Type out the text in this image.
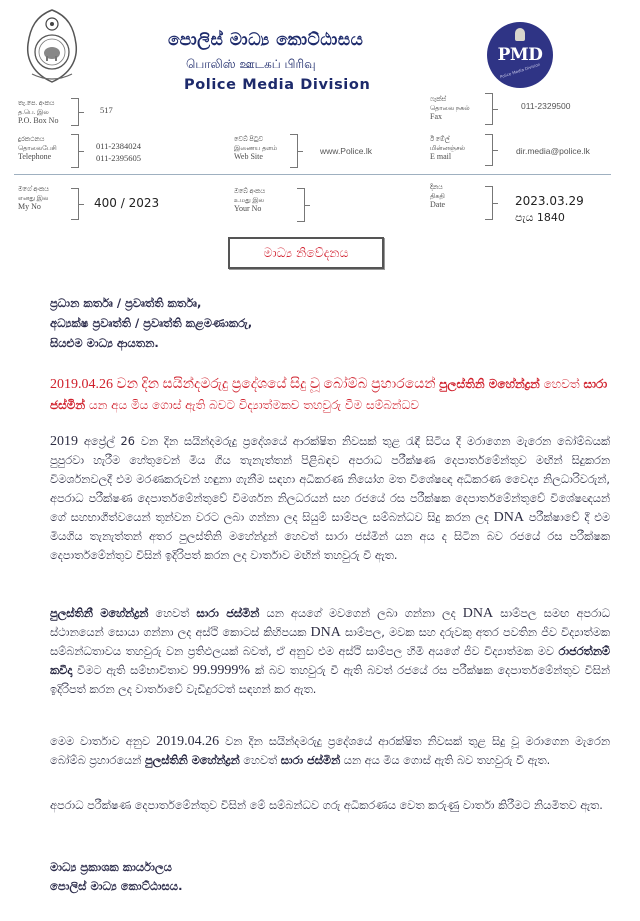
පොලිස් මාධ්‍ය කොට්ඨාසය
பொலிஸ் ஊடகப் பிரிவு
Police Media Division
PMD
Police Media Division
තැ.පෙ. අංකය
த.பெ. இல
P.O. Box No
517
ෆැක්ස්
தொலை நகல்
Fax
011-2329500
දුරකථනය
தொலைபேசி
Telephone
011-2384024
011-2395605
වෙබ් පිටුව
இணைய தளம்
Web Site
www.Police.lk
ඊ මේල්
மின்னஞ்சல்
E mail
dir.media@police.lk
මගේ අංකය
எனது இல
My No	400 / 2023
ඔබේ අංකය
உமது இல
Your No
දිනය
திகதி
Date	2023.03.29
පැය 1840
මාධ්‍ය නිවේදනය
ප්‍රධාන කර්තෘ / ප්‍රවෘත්ති කර්තෘ,
අධ්‍යක්ෂ ප්‍රවෘත්ති / ප්‍රවෘත්ති කළමණාකරු,
සියළුම මාධ්‍ය ආයතන.
2019.04.26 වන දින සයින්දමරුදු ප්‍රදේශයේ සිදු වූ බෝම්බ ප්‍රහාරයෙන් පුලස්තිනි මහේන්ද්‍රන් හෙවත් සාරා ජස්මින් යන අය මිය ගොස් ඇති බවට විද්‍යාත්මකව තහවුරු වීම සම්බන්ධව
2019 අප්‍රේල් 26 වන දින සයින්දමරුදු ප්‍රදේශයේ ආරක්ෂිත නිවසක් තුළ රැඳී සිටිය දී මරාගෙන මැරෙන බෝම්බයක් පුපුරවා හැරීම හේතුවෙන් මිය ගිය තැනැත්තන් පිළිබඳව අපරාධ පරීක්ෂණ දෙපාර්තමේන්තුව මඟින් සිදුකරන විමර්ශනවලදී එම මරණකරුවන් හඳුනා ගැනීම සඳහා අධිකරණ නියෝග මත විශේෂඥ අධිකරණ වෛද්‍ය නිලධාරිවරුන්, අපරාධ පරීක්ෂණ දෙපාර්තමේන්තුවේ විමර්ශන නිලධරයන් සහ රජයේ රස පරීක්ෂක දෙපාර්තමේන්තුවේ විශේෂඥයන් ගේ සහභාගීත්වයෙන් තුන්වන වරට ලබා ගන්නා ලද සියුම් සාම්පල සම්බන්ධව සිදු කරන ලද DNA පරීක්ෂාවේ දී එම මියගිය තැනැත්තන් අතර පුලස්තිනි මහේන්ද්‍රන් හෙවත් සාරා ජස්මින් යන අය ද සිටින බව රජයේ රස පරීක්ෂක දෙපාර්තමේන්තුව විසින් ඉදිරිපත් කරන ලද වාර්තාව මඟින් තහවුරු වී ඇත.
පුලස්තිනී මහේන්ද්‍රන් හෙවත් සාරා ජස්මින් යන අයගේ මවගෙන් ලබා ගන්නා ලද DNA සාම්පල සමඟ අපරාධ ස්ථානයෙන් සොයා ගන්නා ලද අස්ථි කොටස් කිහිපයක DNA සාම්පල, මවක සහ දරුවකු අතර පවතින ජීව විද්‍යාත්මක සම්බන්ධතාවය තහවුරු වන ප්‍රතිඵලයක් බවත්, ඒ අනුව එම අස්ථි සාම්පල හිමි අයගේ ජීව විද්‍යාත්මක මව රාජරත්නම් කවීදා වීමට ඇති සම්භාවිතාව 99.9999% ක් බව තහවුරු වී ඇති බවත් රජයේ රස පරීක්ෂක දෙපාර්තමේන්තුව විසින් ඉදිරිපත් කරන ලද වාර්තාවේ වැඩිදුරටත් සඳහන් කර ඇත.
මෙම වාර්තාව අනුව 2019.04.26 වන දින සයින්දමරුදු ප්‍රදේශයේ ආරක්ෂිත නිවසක් තුළ සිදු වූ මරාගෙන මැරෙන බෝම්බ ප්‍රහාරයෙන් පුලස්තිනි මහේන්ද්‍රන් හෙවත් සාරා ජස්මින් යන අය මිය ගොස් ඇති බව තහවුරු වී ඇත.
අපරාධ පරීක්ෂණ දෙපාර්තමේන්තුව විසින් මේ සම්බන්ධව ගරු අධිකරණය වෙත කරුණු වාර්තා කිරීමට නියමිතව ඇත.
මාධ්‍ය ප්‍රකාශක කාර්යාලය
පොලිස් මාධ්‍ය කොට්ඨාසය.
